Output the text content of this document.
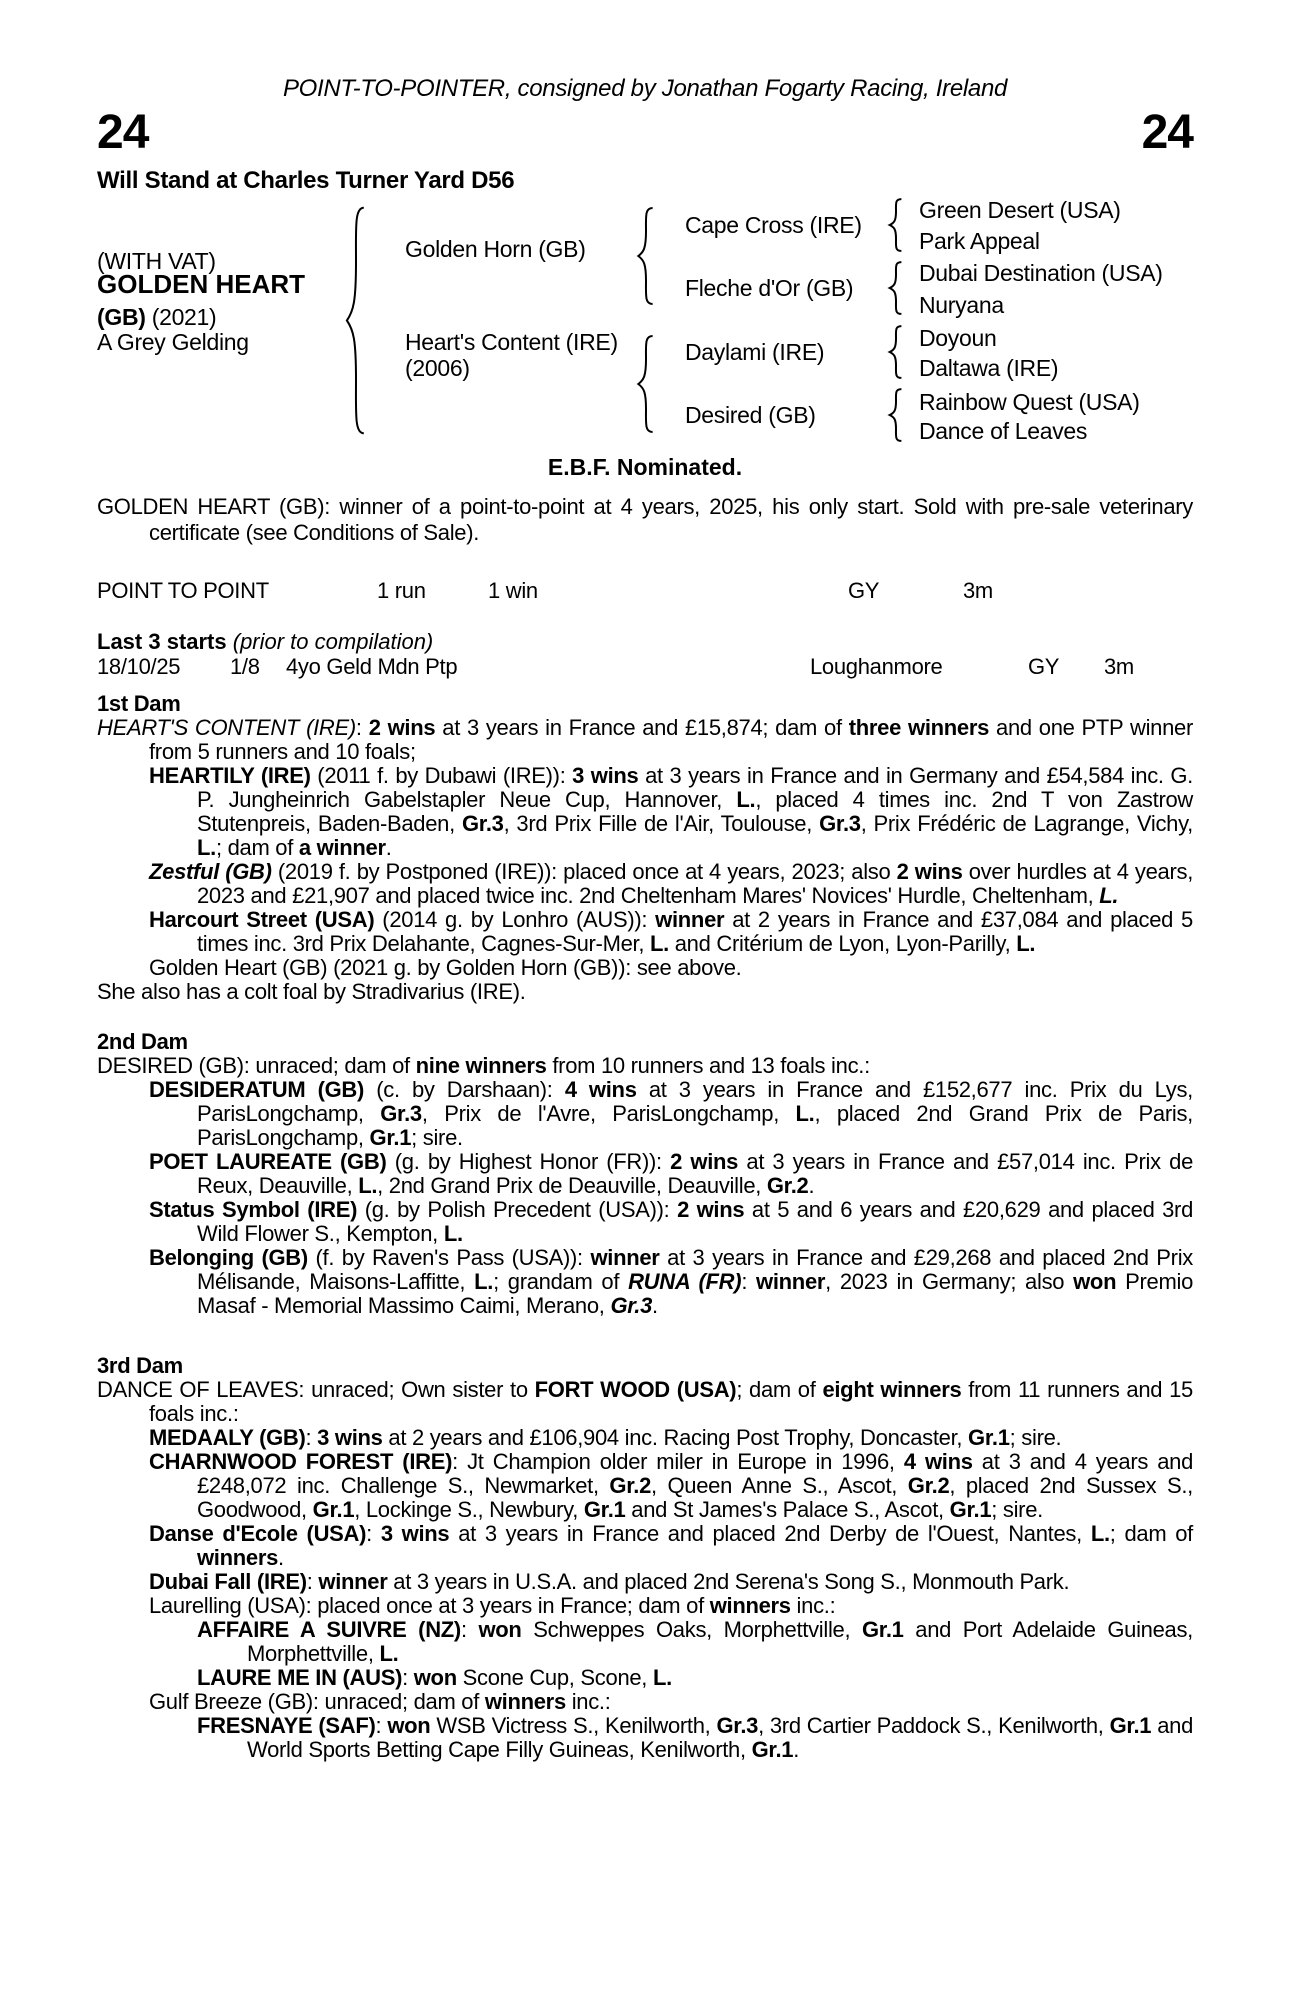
POINT-TO-POINTER, consigned by Jonathan Fogarty Racing, Ireland
24	24
Will Stand at Charles Turner Yard D56
(WITH VAT)
GOLDEN HEART
(GB) (2021)
A Grey Gelding
Golden Horn (GB)
Heart's Content (IRE)
(2006)
Cape Cross (IRE)
Fleche d'Or (GB)
Daylami (IRE)
Desired (GB)
Green Desert (USA)
Park Appeal
Dubai Destination (USA)
Nuryana
Doyoun
Daltawa (IRE)
Rainbow Quest (USA)
Dance of Leaves
E.B.F. Nominated.

GOLDEN HEART (GB): winner of a point-to-point at 4 years, 2025, his only start. Sold with pre-sale veterinary certificate (see Conditions of Sale).

POINT TO POINT	1 run	1 win	GY	3m
Last 3 starts (prior to compilation)
18/10/25 1/8 4yo Geld Mdn Ptp	Loughanmore	GY 3m
1st Dam

HEART'S CONTENT (IRE): 2 wins at 3 years in France and £15,874; dam of three winners and one PTP winner from 5 runners and 10 foals;

HEARTILY (IRE) (2011 f. by Dubawi (IRE)): 3 wins at 3 years in France and in Germany and £54,584 inc. G. P. Jungheinrich Gabelstapler Neue Cup, Hannover, L., placed 4 times inc. 2nd T von Zastrow Stutenpreis, Baden-Baden, Gr.3, 3rd Prix Fille de l'Air, Toulouse, Gr.3, Prix Frédéric de Lagrange, Vichy, L.; dam of a winner.

Zestful (GB) (2019 f. by Postponed (IRE)): placed once at 4 years, 2023; also 2 wins over hurdles at 4 years, 2023 and £21,907 and placed twice inc. 2nd Cheltenham Mares' Novices' Hurdle, Cheltenham, L.

Harcourt Street (USA) (2014 g. by Lonhro (AUS)): winner at 2 years in France and £37,084 and placed 5 times inc. 3rd Prix Delahante, Cagnes-Sur-Mer, L. and Critérium de Lyon, Lyon-Parilly, L.

Golden Heart (GB) (2021 g. by Golden Horn (GB)): see above.

She also has a colt foal by Stradivarius (IRE).

2nd Dam

DESIRED (GB): unraced; dam of nine winners from 10 runners and 13 foals inc.:

DESIDERATUM (GB) (c. by Darshaan): 4 wins at 3 years in France and £152,677 inc. Prix du Lys, ParisLongchamp, Gr.3, Prix de l'Avre, ParisLongchamp, L., placed 2nd Grand Prix de Paris, ParisLongchamp, Gr.1; sire.

POET LAUREATE (GB) (g. by Highest Honor (FR)): 2 wins at 3 years in France and £57,014 inc. Prix de Reux, Deauville, L., 2nd Grand Prix de Deauville, Deauville, Gr.2.

Status Symbol (IRE) (g. by Polish Precedent (USA)): 2 wins at 5 and 6 years and £20,629 and placed 3rd Wild Flower S., Kempton, L.

Belonging (GB) (f. by Raven's Pass (USA)): winner at 3 years in France and £29,268 and placed 2nd Prix Mélisande, Maisons-Laffitte, L.; grandam of RUNA (FR): winner, 2023 in Germany; also won Premio Masaf - Memorial Massimo Caimi, Merano, Gr.3.

3rd Dam

DANCE OF LEAVES: unraced; Own sister to FORT WOOD (USA); dam of eight winners from 11 runners and 15 foals inc.:

MEDAALY (GB): 3 wins at 2 years and £106,904 inc. Racing Post Trophy, Doncaster, Gr.1; sire.

CHARNWOOD FOREST (IRE): Jt Champion older miler in Europe in 1996, 4 wins at 3 and 4 years and £248,072 inc. Challenge S., Newmarket, Gr.2, Queen Anne S., Ascot, Gr.2, placed 2nd Sussex S., Goodwood, Gr.1, Lockinge S., Newbury, Gr.1 and St James's Palace S., Ascot, Gr.1; sire.

Danse d'Ecole (USA): 3 wins at 3 years in France and placed 2nd Derby de l'Ouest, Nantes, L.; dam of winners.

Dubai Fall (IRE): winner at 3 years in U.S.A. and placed 2nd Serena's Song S., Monmouth Park.

Laurelling (USA): placed once at 3 years in France; dam of winners inc.:

AFFAIRE A SUIVRE (NZ): won Schweppes Oaks, Morphettville, Gr.1 and Port Adelaide Guineas, Morphettville, L.

LAURE ME IN (AUS): won Scone Cup, Scone, L.

Gulf Breeze (GB): unraced; dam of winners inc.:

FRESNAYE (SAF): won WSB Victress S., Kenilworth, Gr.3, 3rd Cartier Paddock S., Kenilworth, Gr.1 and World Sports Betting Cape Filly Guineas, Kenilworth, Gr.1.
